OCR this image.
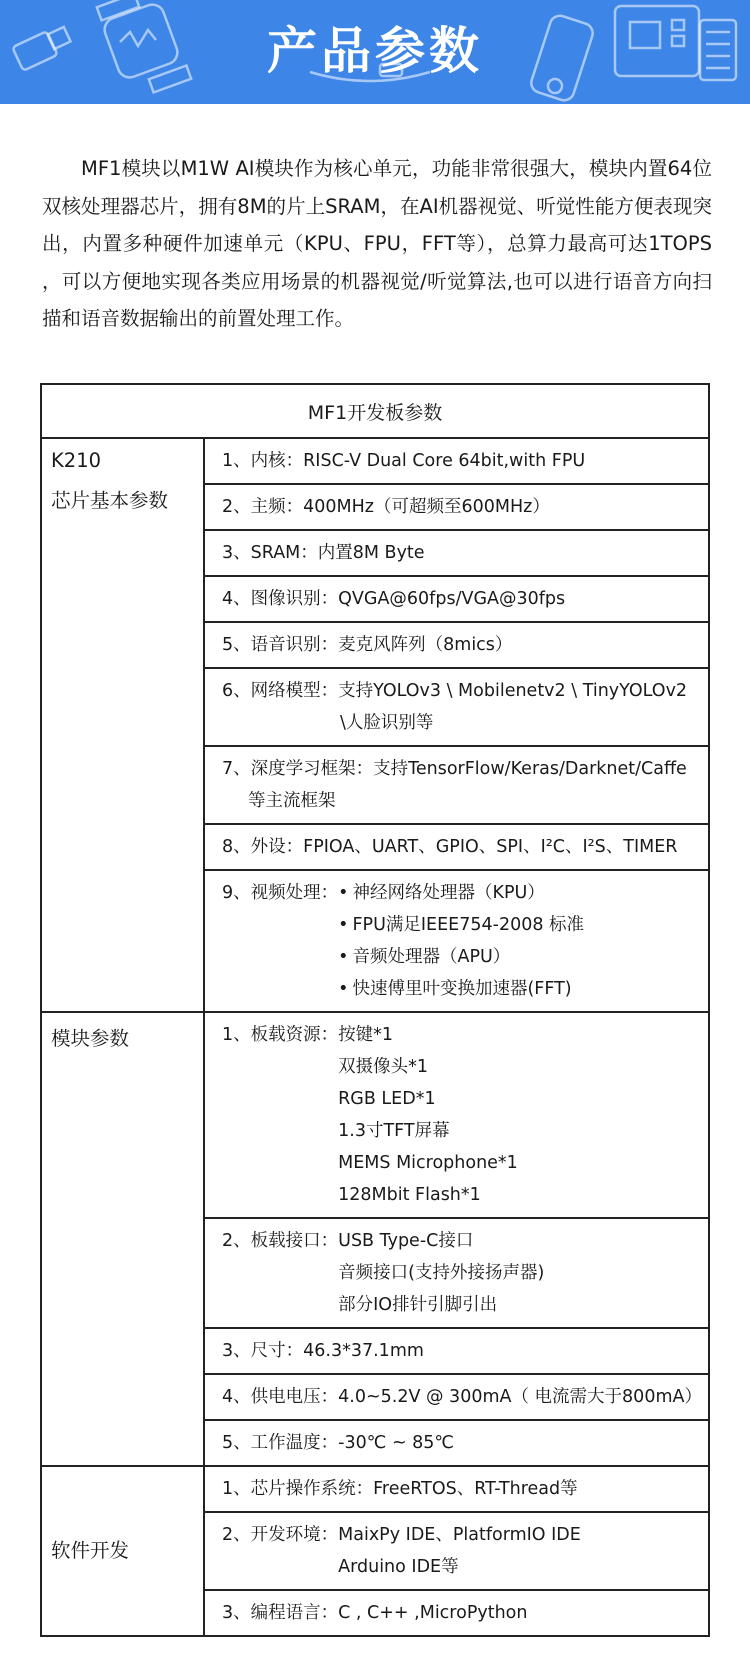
产品参数

MF1模块以M1W AI模块作为核心单元，功能非常很强大，模块内置64位双核处理器芯片，拥有8M的片上SRAM，在AI机器视觉、听觉性能方便表现突出，内置多种硬件加速单元（KPU、FPU，FFT等），总算力最高可达1TOPS ，可以方便地实现各类应用场景的机器视觉/听觉算法,也可以进行语音方向扫描和语音数据输出的前置处理工作。

MF1开发板参数
K210
芯片基本参数
1、内核：RISC-V Dual Core 64bit,with FPU
2、主频：400MHz（可超频至600MHz）
3、SRAM：内置8M Byte
4、图像识别：QVGA@60fps/VGA@30fps
5、语音识别：麦克风阵列（8mics）
6、网络模型：支持YOLOv3 \ Mobilenetv2 \ TinyYOLOv2
\人脸识别等
7、深度学习框架：支持TensorFlow/Keras/Darknet/Caffe
等主流框架
8、外设：FPIOA、UART、GPIO、SPI、I²C、I²S、TIMER
9、视频处理：
• 神经网络处理器（KPU）
• FPU满足IEEE754-2008 标准
• 音频处理器（APU）
• 快速傅里叶变换加速器(FFT)
模块参数	1、板载资源： 按键*1
双摄像头*1
RGB LED*1
1.3寸TFT屏幕
MEMS Microphone*1
128Mbit Flash*1
2、板载接口： USB Type-C接口
音频接口(支持外接扬声器)
部分IO排针引脚引出
3、尺寸：46.3*37.1mm
4、供电电压：4.0~5.2V @ 300mA（ 电流需大于800mA）
5、工作温度：-30℃ ~ 85℃
软件开发
1、芯片操作系统：FreeRTOS、RT-Thread等
2、开发环境： MaixPy IDE、PlatformIO IDE
Arduino IDE等
3、编程语言：C , C++ ,MicroPython
